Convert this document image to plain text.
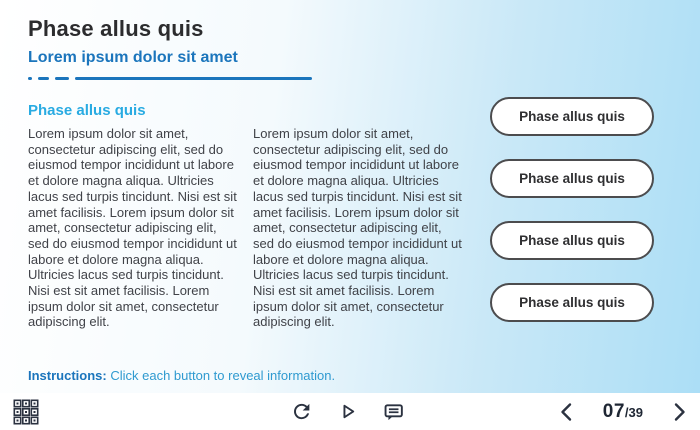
Phase allus quis
Lorem ipsum dolor sit amet
Phase allus quis

Lorem ipsum dolor sit amet, consectetur adipiscing elit, sed do eiusmod tempor incididunt ut labore et dolore magna aliqua. Ultricies lacus sed turpis tincidunt. Nisi est sit amet facilisis. Lorem ipsum dolor sit amet, consectetur adipiscing elit, sed do eiusmod tempor incididunt ut labore et dolore magna aliqua. Ultricies lacus sed turpis tincidunt. Nisi est sit amet facilisis. Lorem ipsum dolor sit amet, consectetur adipiscing elit.

Lorem ipsum dolor sit amet, consectetur adipiscing elit, sed do eiusmod tempor incididunt ut labore et dolore magna aliqua. Ultricies lacus sed turpis tincidunt. Nisi est sit amet facilisis. Lorem ipsum dolor sit amet, consectetur adipiscing elit, sed do eiusmod tempor incididunt ut labore et dolore magna aliqua. Ultricies lacus sed turpis tincidunt. Nisi est sit amet facilisis. Lorem ipsum dolor sit amet, consectetur adipiscing elit.

Phase allus quis
Phase allus quis
Phase allus quis
Phase allus quis
Instructions: Click each button to reveal information.
07 /39
